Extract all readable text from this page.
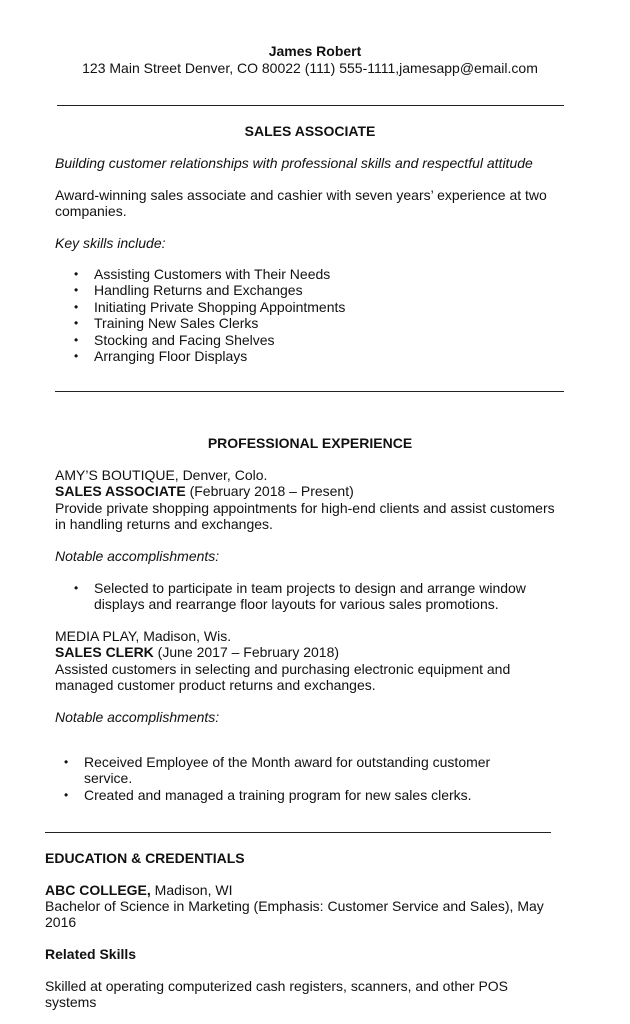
James Robert
123 Main Street Denver, CO 80022 (111) 555-1111,jamesapp@email.com
SALES ASSOCIATE
Building customer relationships with professional skills and respectful attitude
Award-winning sales associate and cashier with seven years’ experience at two
companies.
Key skills include:
• Assisting Customers with Their Needs
• Handling Returns and Exchanges
• Initiating Private Shopping Appointments
• Training New Sales Clerks
• Stocking and Facing Shelves
• Arranging Floor Displays
PROFESSIONAL EXPERIENCE
AMY’S BOUTIQUE, Denver, Colo.
SALES ASSOCIATE (February 2018 – Present)
Provide private shopping appointments for high-end clients and assist customers
in handling returns and exchanges.
Notable accomplishments:
• Selected to participate in team projects to design and arrange window
displays and rearrange floor layouts for various sales promotions.
MEDIA PLAY, Madison, Wis.
SALES CLERK (June 2017 – February 2018)
Assisted customers in selecting and purchasing electronic equipment and
managed customer product returns and exchanges.
Notable accomplishments:
• Received Employee of the Month award for outstanding customer
service.
• Created and managed a training program for new sales clerks.
EDUCATION & CREDENTIALS
ABC COLLEGE, Madison, WI
Bachelor of Science in Marketing (Emphasis: Customer Service and Sales), May
2016
Related Skills
Skilled at operating computerized cash registers, scanners, and other POS
systems
